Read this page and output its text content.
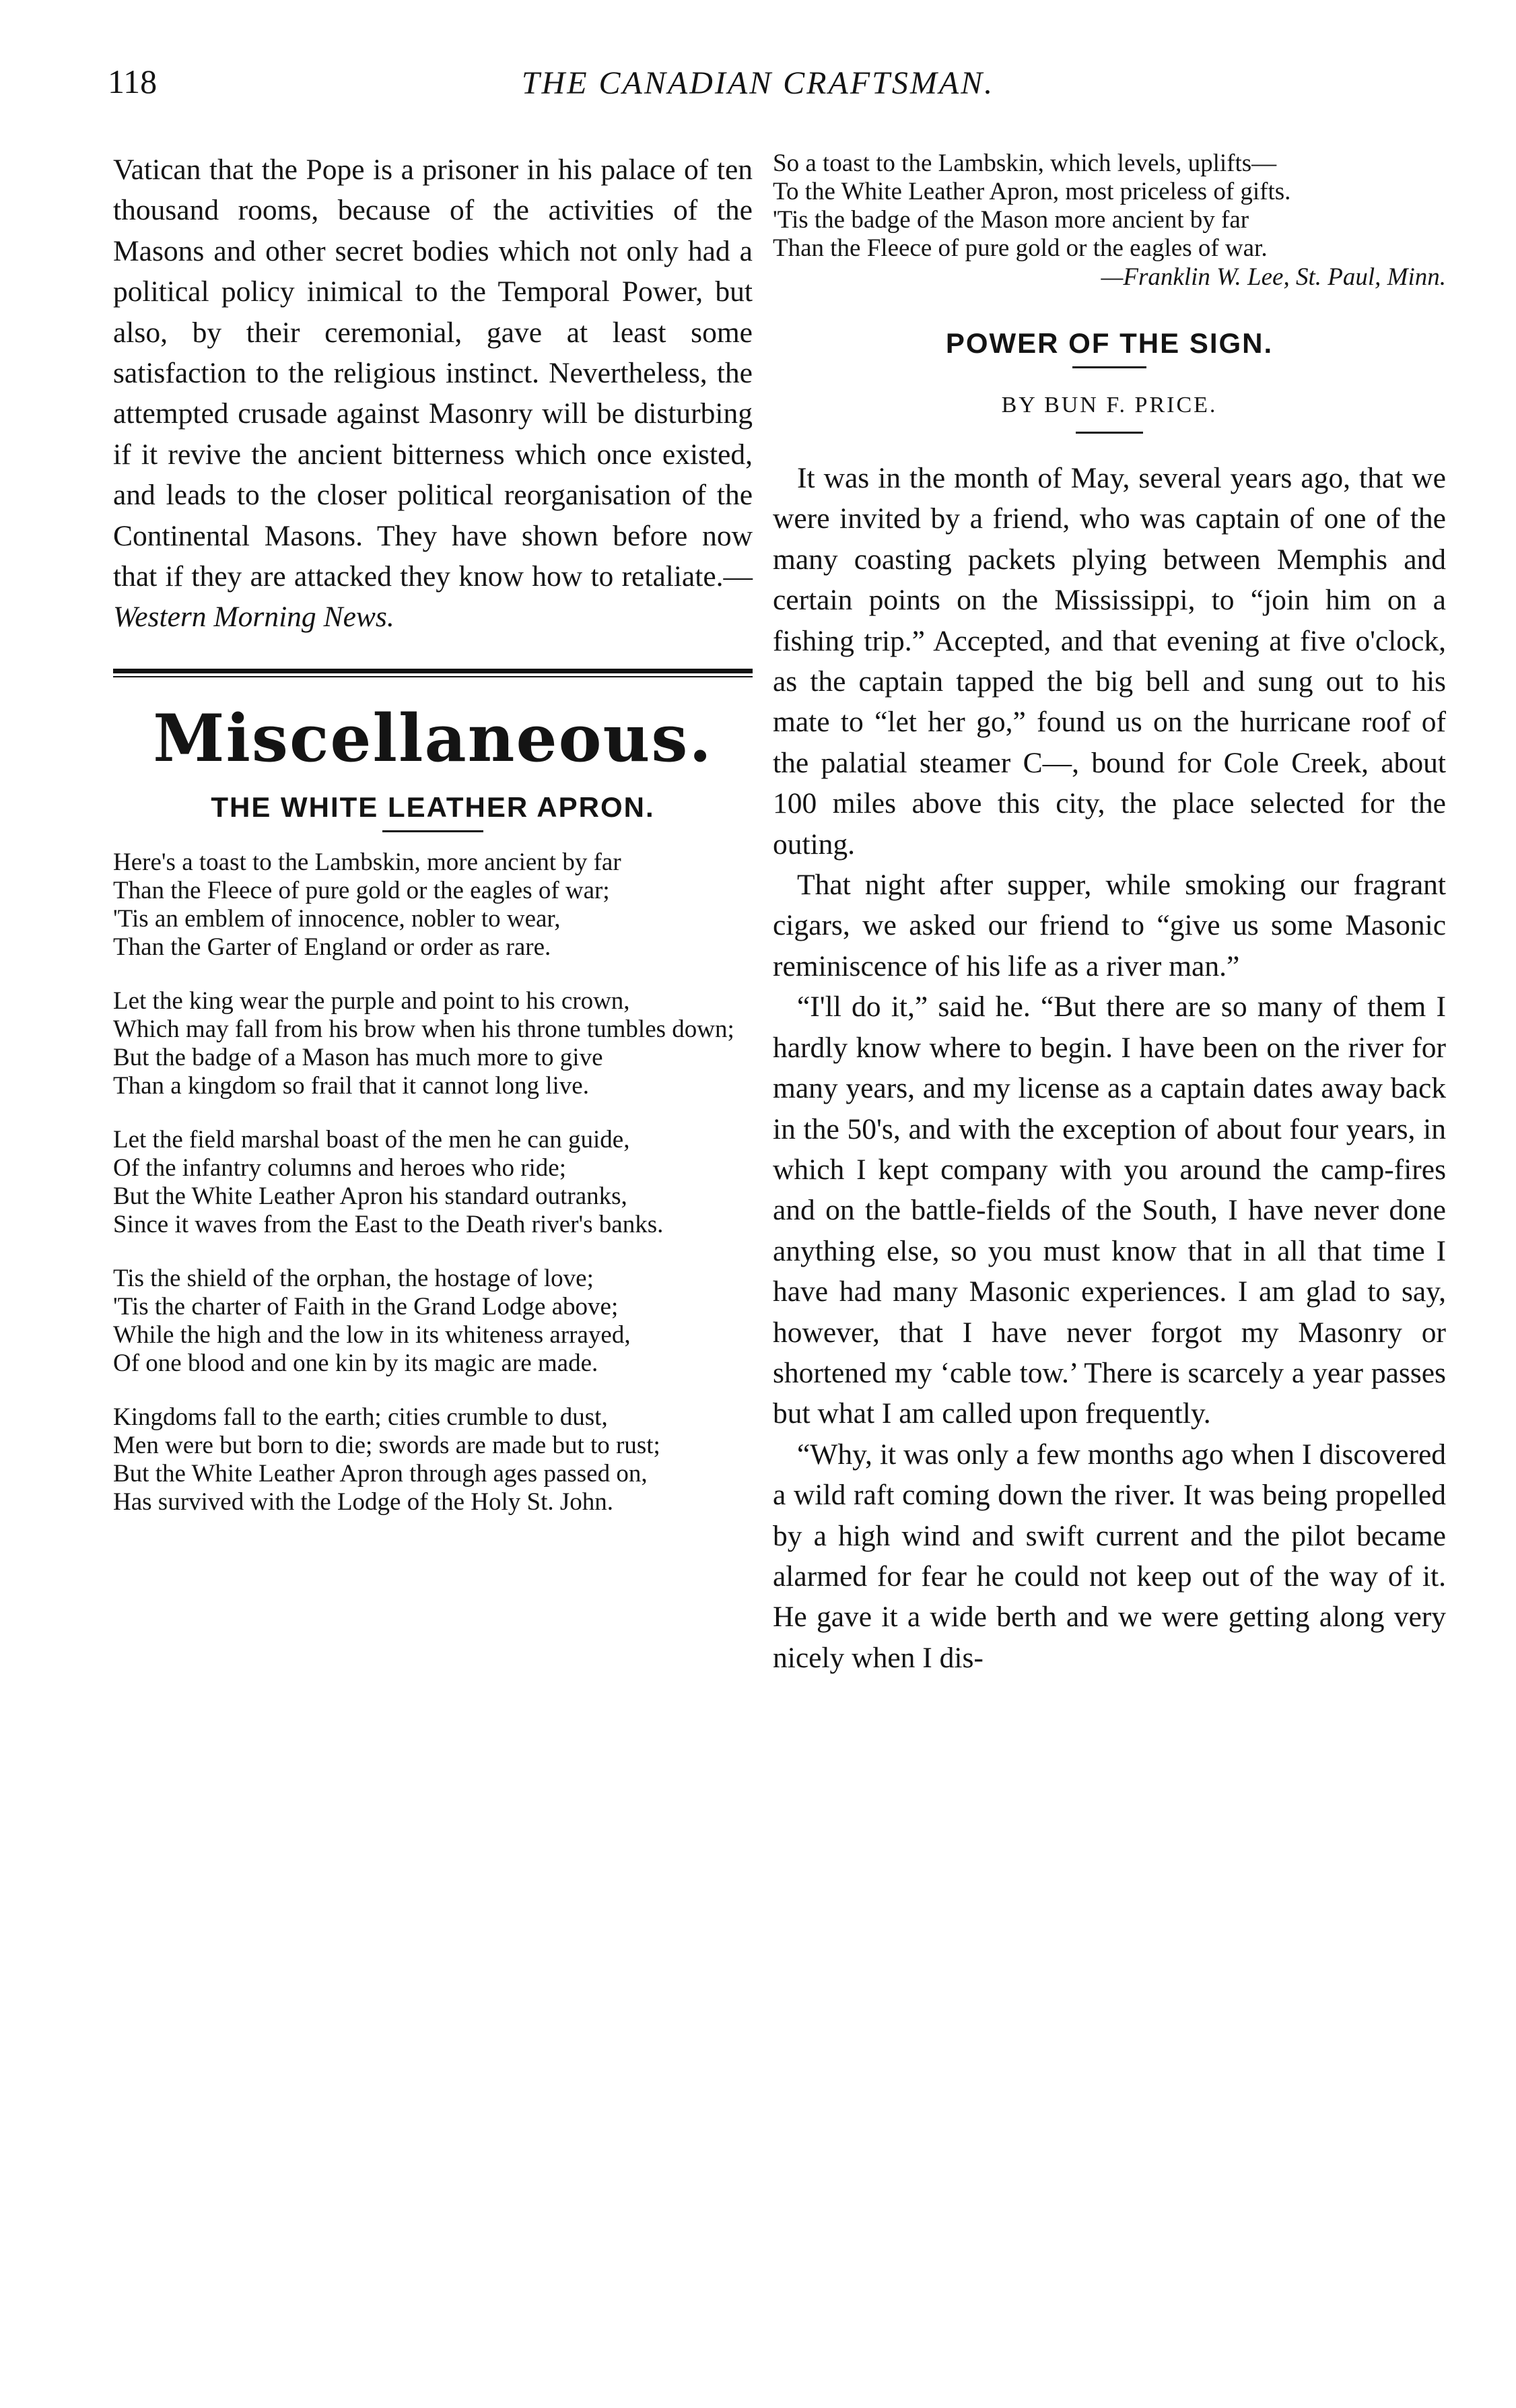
118	THE CANADIAN CRAFTSMAN.

Vatican that the Pope is a prisoner in his palace of ten thousand rooms, because of the activities of the Masons and other secret bodies which not only had a political policy inimical to the Temporal Power, but also, by their ceremonial, gave at least some satisfaction to the religious instinct. Nevertheless, the attempted crusade against Masonry will be disturbing if it revive the ancient bitterness which once existed, and leads to the closer political reorganisation of the Continental Masons. They have shown before now that if they are attacked they know how to retaliate.—Western Morning News.

Miscellaneous.
THE WHITE LEATHER APRON.
Here's a toast to the Lambskin, more ancient by far
Than the Fleece of pure gold or the eagles of war;
'Tis an emblem of innocence, nobler to wear,
Than the Garter of England or order as rare.
Let the king wear the purple and point to his crown,
Which may fall from his brow when his throne tumbles down;
But the badge of a Mason has much more to give
Than a kingdom so frail that it cannot long live.
Let the field marshal boast of the men he can guide,
Of the infantry columns and heroes who ride;
But the White Leather Apron his standard outranks,
Since it waves from the East to the Death river's banks.
Tis the shield of the orphan, the hostage of love;
'Tis the charter of Faith in the Grand Lodge above;
While the high and the low in its whiteness arrayed,
Of one blood and one kin by its magic are made.
Kingdoms fall to the earth; cities crumble to dust,
Men were but born to die; swords are made but to rust;
But the White Leather Apron through ages passed on,
Has survived with the Lodge of the Holy St. John.
So a toast to the Lambskin, which levels, uplifts—
To the White Leather Apron, most priceless of gifts.
'Tis the badge of the Mason more ancient by far
Than the Fleece of pure gold or the eagles of war.
—Franklin W. Lee, St. Paul, Minn.
POWER OF THE SIGN.
BY BUN F. PRICE.

It was in the month of May, several years ago, that we were invited by a friend, who was captain of one of the many coasting packets plying between Memphis and certain points on the Mississippi, to “join him on a fishing trip.” Accepted, and that evening at five o'clock, as the captain tapped the big bell and sung out to his mate to “let her go,” found us on the hurricane roof of the palatial steamer C—, bound for Cole Creek, about 100 miles above this city, the place selected for the outing.

That night after supper, while smoking our fragrant cigars, we asked our friend to “give us some Masonic reminiscence of his life as a river man.”

“I'll do it,” said he. “But there are so many of them I hardly know where to begin. I have been on the river for many years, and my license as a captain dates away back in the 50's, and with the exception of about four years, in which I kept company with you around the camp-fires and on the battle-fields of the South, I have never done anything else, so you must know that in all that time I have had many Masonic experiences. I am glad to say, however, that I have never forgot my Masonry or shortened my ‘cable tow.’ There is scarcely a year passes but what I am called upon frequently.

“Why, it was only a few months ago when I discovered a wild raft coming down the river. It was being propelled by a high wind and swift current and the pilot became alarmed for fear he could not keep out of the way of it. He gave it a wide berth and we were getting along very nicely when I dis-
